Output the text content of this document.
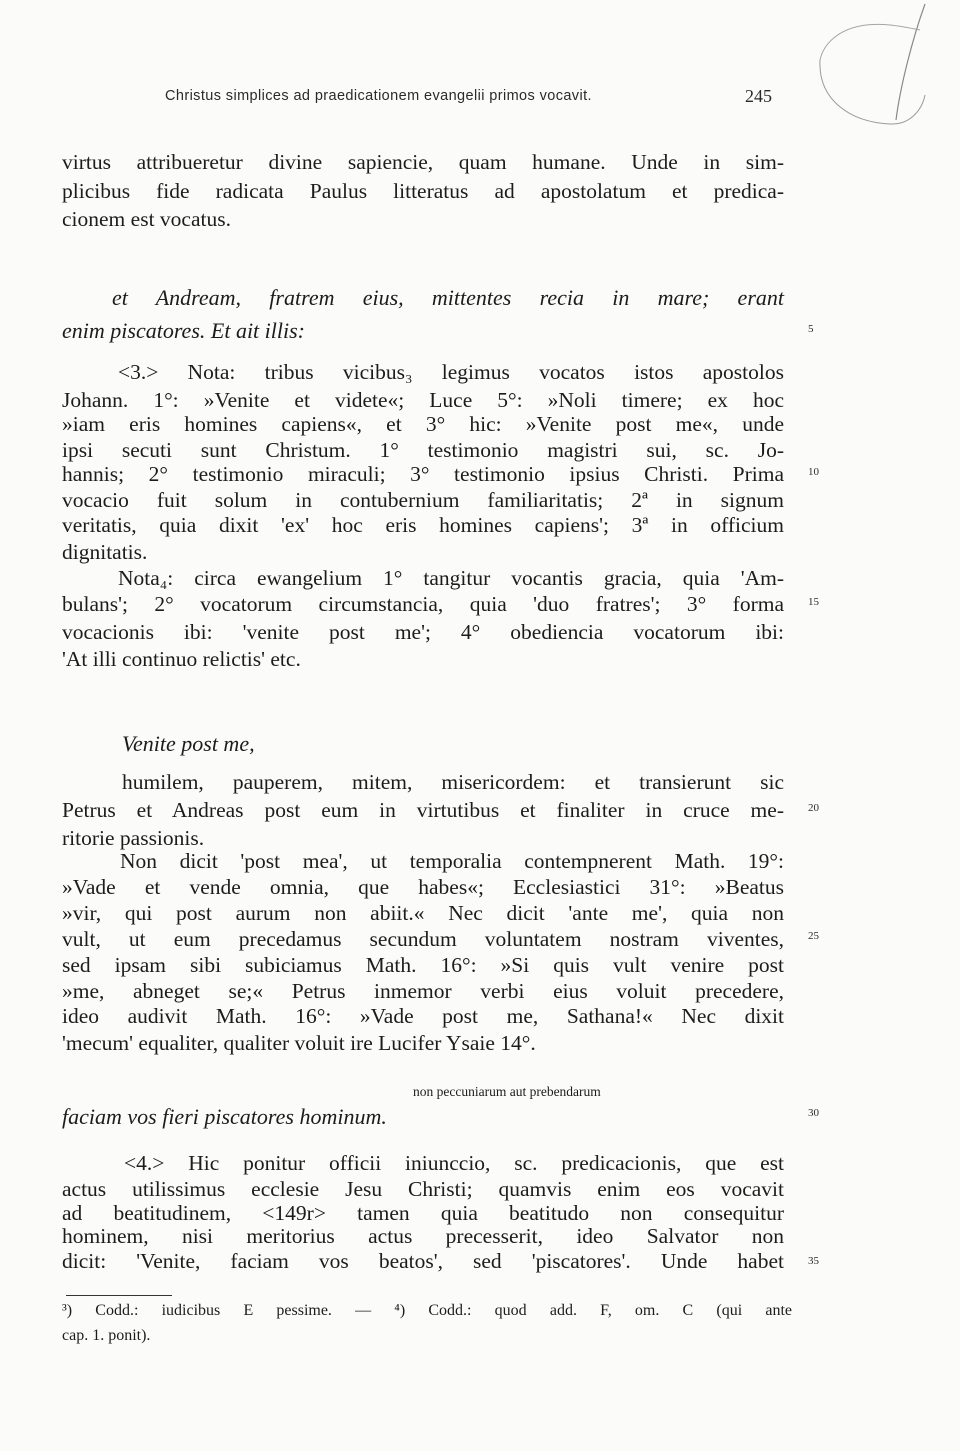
Christus simplices ad praedicationem evangelii primos vocavit.	245
virtus attribueretur divine sapiencie, quam humane. Unde in sim-
plicibus fide radicata Paulus litteratus ad apostolatum et predica-
cionem est vocatus.
et Andream, fratrem eius, mittentes recia in mare; erant
enim piscatores. Et ait illis:
<3.> Nota: tribus vicibus₃ legimus vocatos istos apostolos
Johann. 1°: »Venite et videte«; Luce 5°: »Noli timere; ex hoc
»iam eris homines capiens«, et 3° hic: »Venite post me«, unde
ipsi secuti sunt Christum. 1° testimonio magistri sui, sc. Jo-
hannis; 2° testimonio miraculi; 3° testimonio ipsius Christi. Prima
vocacio fuit solum in contubernium familiaritatis; 2ª in signum
veritatis, quia dixit 'ex' hoc eris homines capiens'; 3ª in officium
dignitatis.
Nota₄: circa ewangelium 1° tangitur vocantis gracia, quia 'Am-
bulans'; 2° vocatorum circumstancia, quia 'duo fratres'; 3° forma
vocacionis ibi: 'venite post me'; 4° obediencia vocatorum ibi:
'At illi continuo relictis' etc.
Venite post me,
humilem, pauperem, mitem, misericordem: et transierunt sic
Petrus et Andreas post eum in virtutibus et finaliter in cruce me-
ritorie passionis.
Non dicit 'post mea', ut temporalia contempnerent Math. 19°:
»Vade et vende omnia, que habes«; Ecclesiastici 31°: »Beatus
»vir, qui post aurum non abiit.« Nec dicit 'ante me', quia non
vult, ut eum precedamus secundum voluntatem nostram viventes,
sed ipsam sibi subiciamus Math. 16°: »Si quis vult venire post
»me, abneget se;« Petrus inmemor verbi eius voluit precedere,
ideo audivit Math. 16°: »Vade post me, Sathana!« Nec dixit
'mecum' equaliter, qualiter voluit ire Lucifer Ysaie 14°.
non peccuniarum aut prebendarum
faciam vos fieri piscatores hominum.
<4.> Hic ponitur officii iniunccio, sc. predicacionis, que est
actus utilissimus ecclesie Jesu Christi; quamvis enim eos vocavit
ad beatitudinem, <149r> tamen quia beatitudo non consequitur
hominem, nisi meritorius actus precesserit, ideo Salvator non
dicit: 'Venite, faciam vos beatos', sed 'piscatores'. Unde habet
5
10
15
20
25
30
35
³) Codd.: iudicibus E pessime. — ⁴) Codd.: quod add. F, om. C (qui ante
cap. 1. ponit).
